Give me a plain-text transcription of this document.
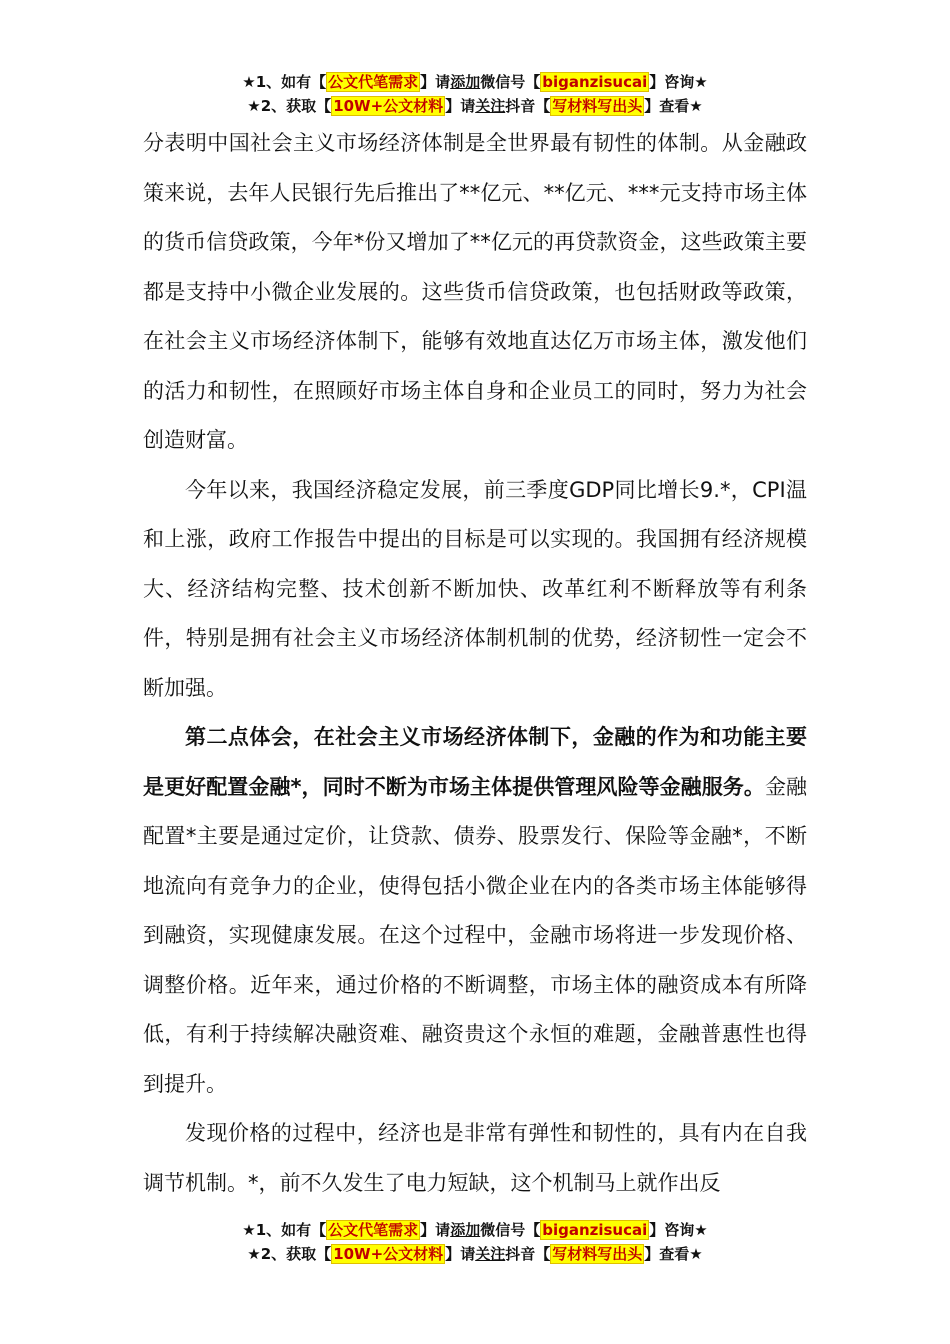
★1、如有【 公文代笔需求 】请添加微信号【 biganzisucai 】咨询★
★2、获取【 10W+公文材料 】请关注抖音【 写材料写出头 】查看★

分表明中国社会主义市场经济体制是全世界最有韧性的体制。从金融政策来说，去年人民银行先后推出了**亿元、**亿元、***元支持市场主体的货币信贷政策，今年*份又增加了**亿元的再贷款资金，这些政策主要都是支持中小微企业发展的。这些货币信贷政策，也包括财政等政策，在社会主义市场经济体制下，能够有效地直达亿万市场主体，激发他们的活力和韧性，在照顾好市场主体自身和企业员工的同时，努力为社会创造财富。

今年以来，我国经济稳定发展，前三季度GDP同比增长9.*，CPI温和上涨，政府工作报告中提出的目标是可以实现的。我国拥有经济规模大、经济结构完整、技术创新不断加快、改革红利不断释放等有利条件，特别是拥有社会主义市场经济体制机制的优势，经济韧性一定会不断加强。

第二点体会，在社会主义市场经济体制下，金融的作为和功能主要是更好配置金融*，同时不断为市场主体提供管理风险等金融服务。金融配置*主要是通过定价，让贷款、债券、股票发行、保险等金融*，不断地流向有竞争力的企业，使得包括小微企业在内的各类市场主体能够得到融资，实现健康发展。在这个过程中，金融市场将进一步发现价格、调整价格。近年来，通过价格的不断调整，市场主体的融资成本有所降低，有利于持续解决融资难、融资贵这个永恒的难题，金融普惠性也得到提升。

发现价格的过程中，经济也是非常有弹性和韧性的，具有内在自我调节机制。*，前不久发生了电力短缺，这个机制马上就作出反

★1、如有【 公文代笔需求 】请添加微信号【 biganzisucai 】咨询★
★2、获取【 10W+公文材料 】请关注抖音【 写材料写出头 】查看★
